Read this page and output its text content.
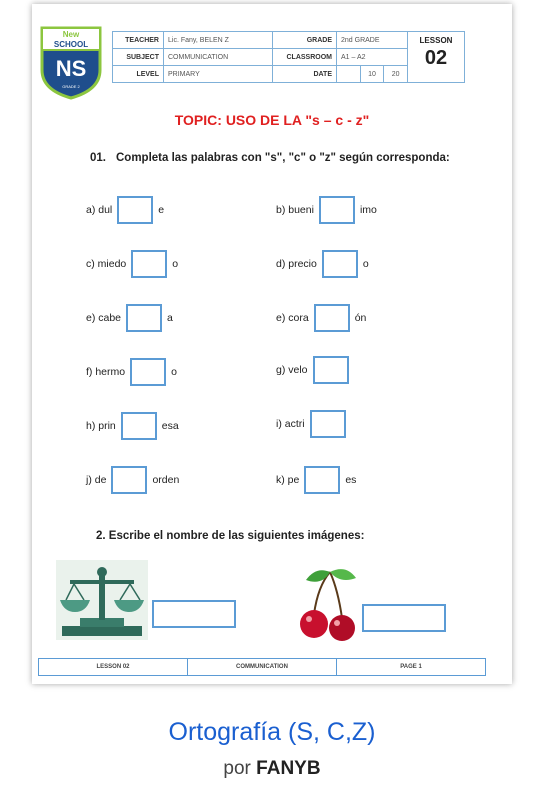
New
SCHOOL
NS
GRADE 2
TEACHER	Lic. Fany, BELEN Z	GRADE	2nd GRADE			LESSON
02

SUBJECT	COMMUNICATION	CLASSROOM	A1 – A2			
LEVEL	PRIMARY	DATE		10	20	
TOPIC: USO DE LA "s – c - z"
01. Completa las palabras con "s", "c" o "z" según corresponda:
a) dul	e	b) bueni	imo
c) miedo	o	d) precio	o
e) cabe	a	e) cora	ón
f) hermo	o	g) velo
h) prin	esa	i) actri
j) de	orden	k) pe	es
2. Escribe el nombre de las siguientes imágenes:
LESSON 02	COMMUNICATION	PAGE 1
Ortografía (S, C,Z)
por FANYB
